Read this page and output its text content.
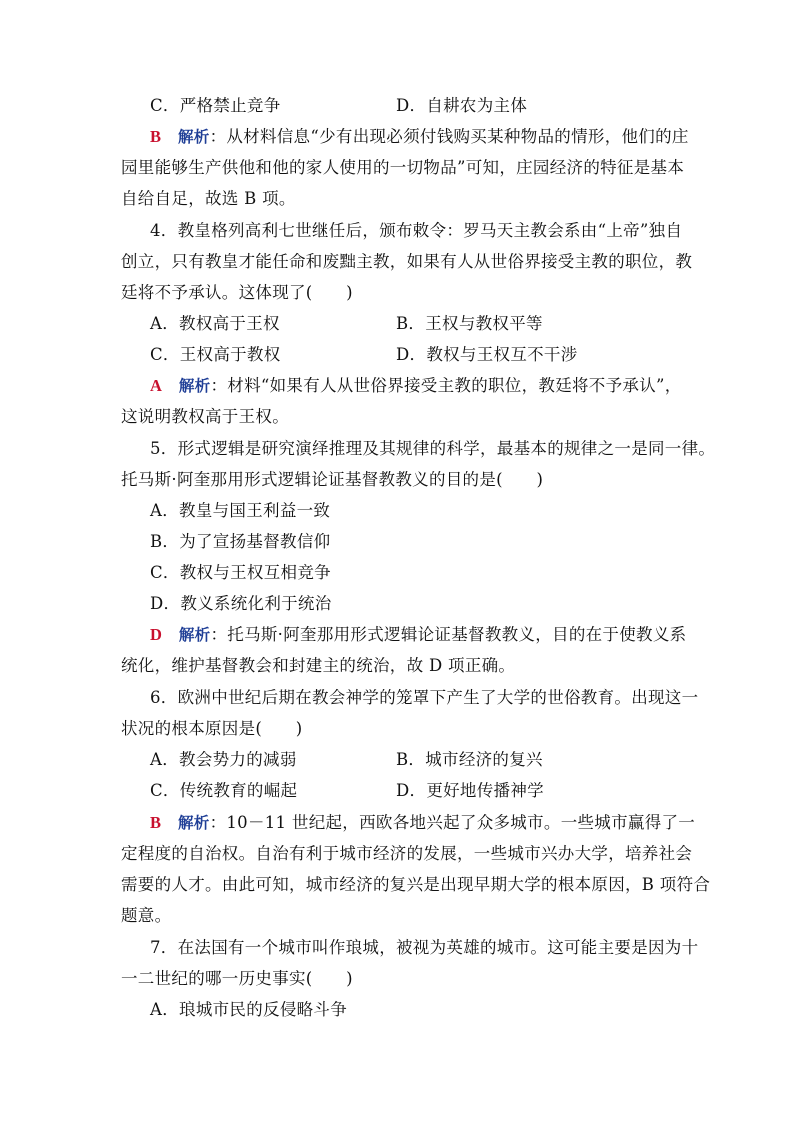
C．严格禁止竞争	D．自耕农为主体
B 解析：从材料信息“少有出现必须付钱购买某种物品的情形，他们的庄
园里能够生产供他和他的家人使用的一切物品”可知，庄园经济的特征是基本
自给自足，故选 B 项。
4．教皇格列高利七世继任后，颁布敕令：罗马天主教会系由“上帝”独自
创立，只有教皇才能任命和废黜主教，如果有人从世俗界接受主教的职位，教
廷将不予承认。这体现了(　　)
A．教权高于王权	B．王权与教权平等
C．王权高于教权	D．教权与王权互不干涉
A 解析：材料“如果有人从世俗界接受主教的职位，教廷将不予承认”，
这说明教权高于王权。
5．形式逻辑是研究演绎推理及其规律的科学，最基本的规律之一是同一律。
托马斯·阿奎那用形式逻辑论证基督教教义的目的是(　　)
A．教皇与国王利益一致
B．为了宣扬基督教信仰
C．教权与王权互相竞争
D．教义系统化利于统治
D 解析：托马斯·阿奎那用形式逻辑论证基督教教义，目的在于使教义系
统化，维护基督教会和封建主的统治，故 D 项正确。
6．欧洲中世纪后期在教会神学的笼罩下产生了大学的世俗教育。出现这一
状况的根本原因是(　　)
A．教会势力的减弱	B．城市经济的复兴
C．传统教育的崛起	D．更好地传播神学
B 解析：10－11 世纪起，西欧各地兴起了众多城市。一些城市赢得了一
定程度的自治权。自治有利于城市经济的发展，一些城市兴办大学，培养社会
需要的人才。由此可知，城市经济的复兴是出现早期大学的根本原因，B 项符合
题意。
7．在法国有一个城市叫作琅城，被视为英雄的城市。这可能主要是因为十
一二世纪的哪一历史事实(　　)
A．琅城市民的反侵略斗争
